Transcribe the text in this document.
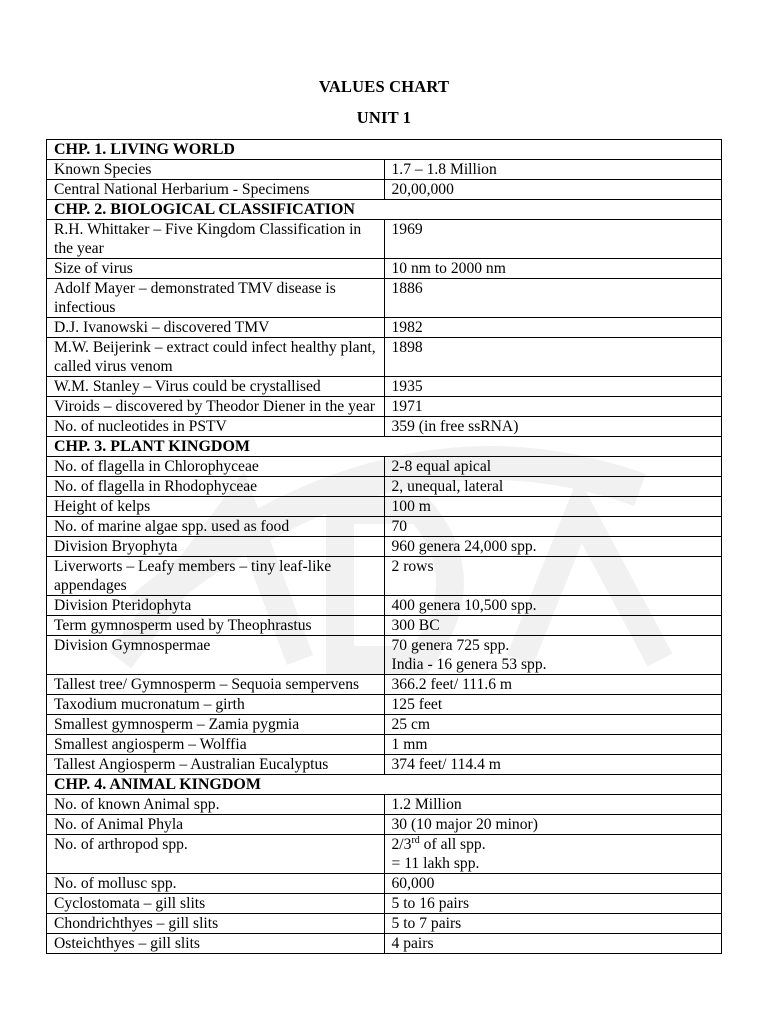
VALUES CHART
UNIT 1
CHP. 1. LIVING WORLD	
Known Species	1.7 – 1.8 Million
Central National Herbarium - Specimens	20,00,000
CHP. 2. BIOLOGICAL CLASSIFICATION	
R.H. Whittaker – Five Kingdom Classification in the year	1969
Size of virus	10 nm to 2000 nm
Adolf Mayer – demonstrated TMV disease is infectious	1886
D.J. Ivanowski – discovered TMV	1982
M.W. Beijerink – extract could infect healthy plant, called virus venom	1898
W.M. Stanley – Virus could be crystallised	1935
Viroids – discovered by Theodor Diener in the year	1971
No. of nucleotides in PSTV	359 (in free ssRNA)
CHP. 3. PLANT KINGDOM	
No. of flagella in Chlorophyceae	2-8 equal apical
No. of flagella in Rhodophyceae	2, unequal, lateral
Height of kelps	100 m
No. of marine algae spp. used as food	70
Division Bryophyta	960 genera 24,000 spp.
Liverworts – Leafy members – tiny leaf-like appendages	2 rows
Division Pteridophyta	400 genera 10,500 spp.
Term gymnosperm used by Theophrastus	300 BC
Division Gymnospermae	70 genera 725 spp.
India - 16 genera 53 spp.
Tallest tree/ Gymnosperm – Sequoia sempervens	366.2 feet/ 111.6 m
Taxodium mucronatum – girth	125 feet
Smallest gymnosperm – Zamia pygmia	25 cm
Smallest angiosperm – Wolffia	1 mm
Tallest Angiosperm – Australian Eucalyptus	374 feet/ 114.4 m
CHP. 4. ANIMAL KINGDOM	
No. of known Animal spp.	1.2 Million
No. of Animal Phyla	30 (10 major 20 minor)
No. of arthropod spp.	2/3rd of all spp.
= 11 lakh spp.
No. of mollusc spp.	60,000
Cyclostomata – gill slits	5 to 16 pairs
Chondrichthyes – gill slits	5 to 7 pairs
Osteichthyes – gill slits	4 pairs
